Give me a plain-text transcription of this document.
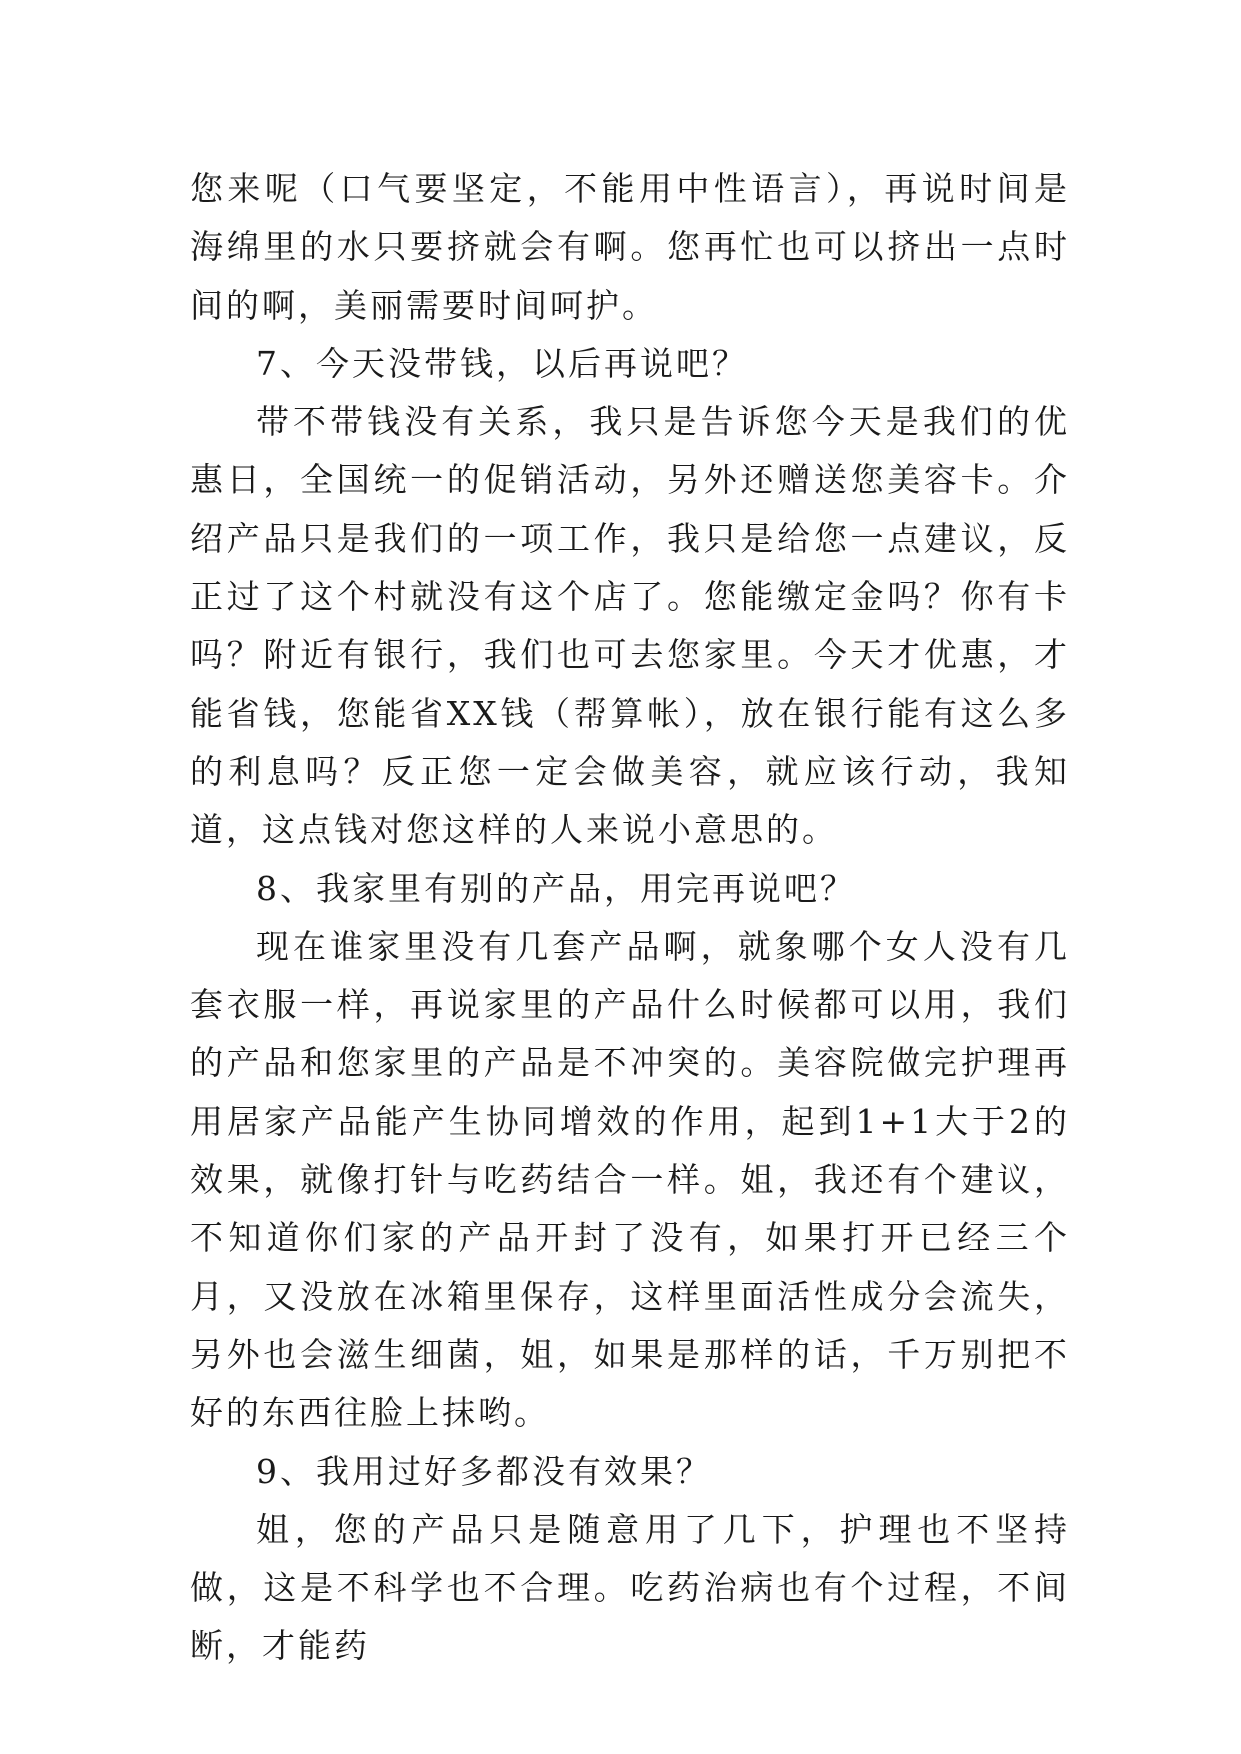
您来呢（口气要坚定，不能用中性语言），再说时间是海绵里的水只要挤就会有啊。您再忙也可以挤出一点时间的啊，美丽需要时间呵护。

7、今天没带钱，以后再说吧？

带不带钱没有关系，我只是告诉您今天是我们的优惠日，全国统一的促销活动，另外还赠送您美容卡。介绍产品只是我们的一项工作，我只是给您一点建议，反正过了这个村就没有这个店了。您能缴定金吗？你有卡吗？附近有银行，我们也可去您家里。今天才优惠，才能省钱，您能省XX钱（帮算帐），放在银行能有这么多的利息吗？反正您一定会做美容，就应该行动，我知道，这点钱对您这样的人来说小意思的。

8、我家里有别的产品，用完再说吧？

现在谁家里没有几套产品啊，就象哪个女人没有几套衣服一样，再说家里的产品什么时候都可以用，我们的产品和您家里的产品是不冲突的。美容院做完护理再用居家产品能产生协同增效的作用，起到1+1大于2的效果，就像打针与吃药结合一样。姐，我还有个建议，不知道你们家的产品开封了没有，如果打开已经三个月，又没放在冰箱里保存，这样里面活性成分会流失，另外也会滋生细菌，姐，如果是那样的话，千万别把不好的东西往脸上抹哟。

9、我用过好多都没有效果？

姐，您的产品只是随意用了几下，护理也不坚持做，这是不科学也不合理。吃药治病也有个过程，不间断，才能药
